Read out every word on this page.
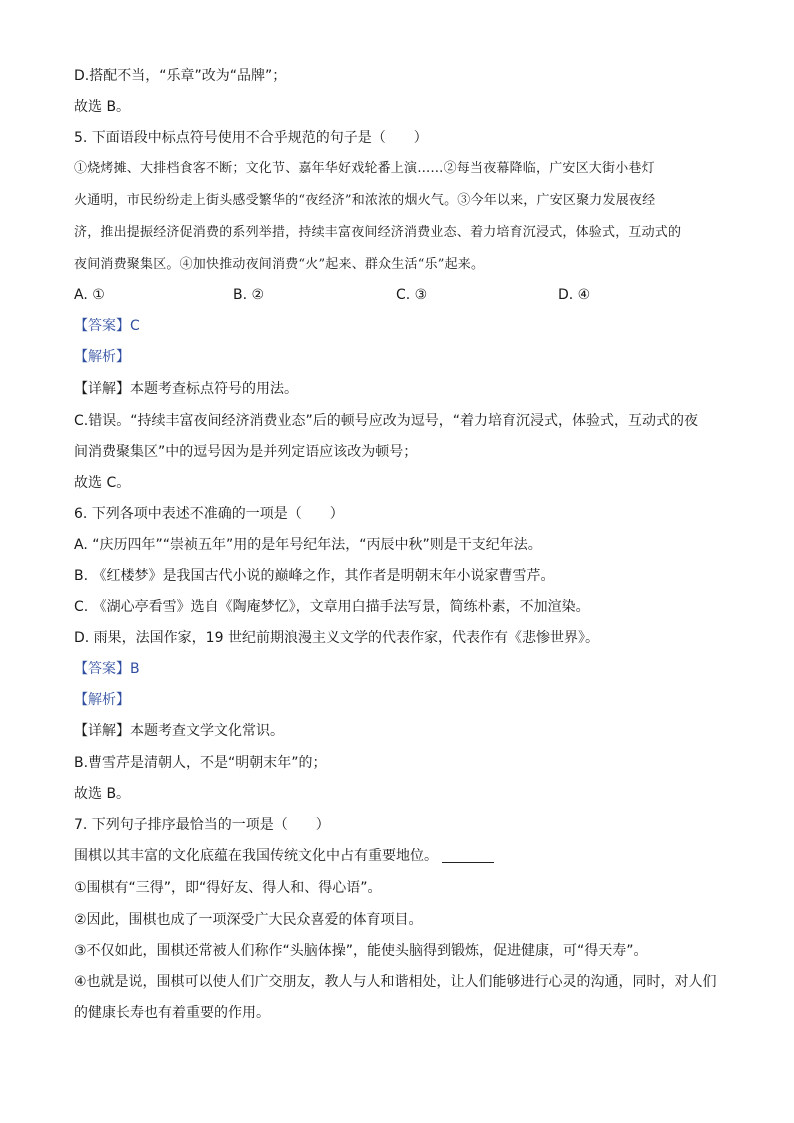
D.搭配不当，“乐章”改为“品牌”；
故选 B。
5. 下面语段中标点符号使用不合乎规范的句子是（　　）
①烧烤摊、大排档食客不断；文化节、嘉年华好戏轮番上演……②每当夜幕降临，广安区大街小巷灯
火通明，市民纷纷走上街头感受繁华的“夜经济”和浓浓的烟火气。③今年以来，广安区聚力发展夜经
济，推出提振经济促消费的系列举措，持续丰富夜间经济消费业态、着力培育沉浸式，体验式，互动式的
夜间消费聚集区。④加快推动夜间消费“火”起来、群众生活“乐”起来。
A. ①	B. ②	C. ③	D. ④
【答案】C
【解析】
【详解】本题考查标点符号的用法。
C.错误。“持续丰富夜间经济消费业态”后的顿号应改为逗号，“着力培育沉浸式，体验式，互动式的夜
间消费聚集区”中的逗号因为是并列定语应该改为顿号；
故选 C。
6. 下列各项中表述不准确的一项是（　　）
A. “庆历四年”“崇祯五年”用的是年号纪年法，“丙辰中秋”则是干支纪年法。
B. 《红楼梦》是我国古代小说的巅峰之作，其作者是明朝末年小说家曹雪芹。
C. 《湖心亭看雪》选自《陶庵梦忆》，文章用白描手法写景，简练朴素，不加渲染。
D. 雨果，法国作家，19 世纪前期浪漫主义文学的代表作家，代表作有《悲惨世界》。
【答案】B
【解析】
【详解】本题考查文学文化常识。
B.曹雪芹是清朝人，不是“明朝末年”的；
故选 B。
7. 下列句子排序最恰当的一项是（　　）
围棋以其丰富的文化底蕴在我国传统文化中占有重要地位。
①围棋有“三得”，即“得好友、得人和、得心语”。
②因此，围棋也成了一项深受广大民众喜爱的体育项目。
③不仅如此，围棋还常被人们称作“头脑体操”，能使头脑得到锻炼，促进健康，可“得天寿”。
④也就是说，围棋可以使人们广交朋友，教人与人和谐相处，让人们能够进行心灵的沟通，同时，对人们
的健康长寿也有着重要的作用。
